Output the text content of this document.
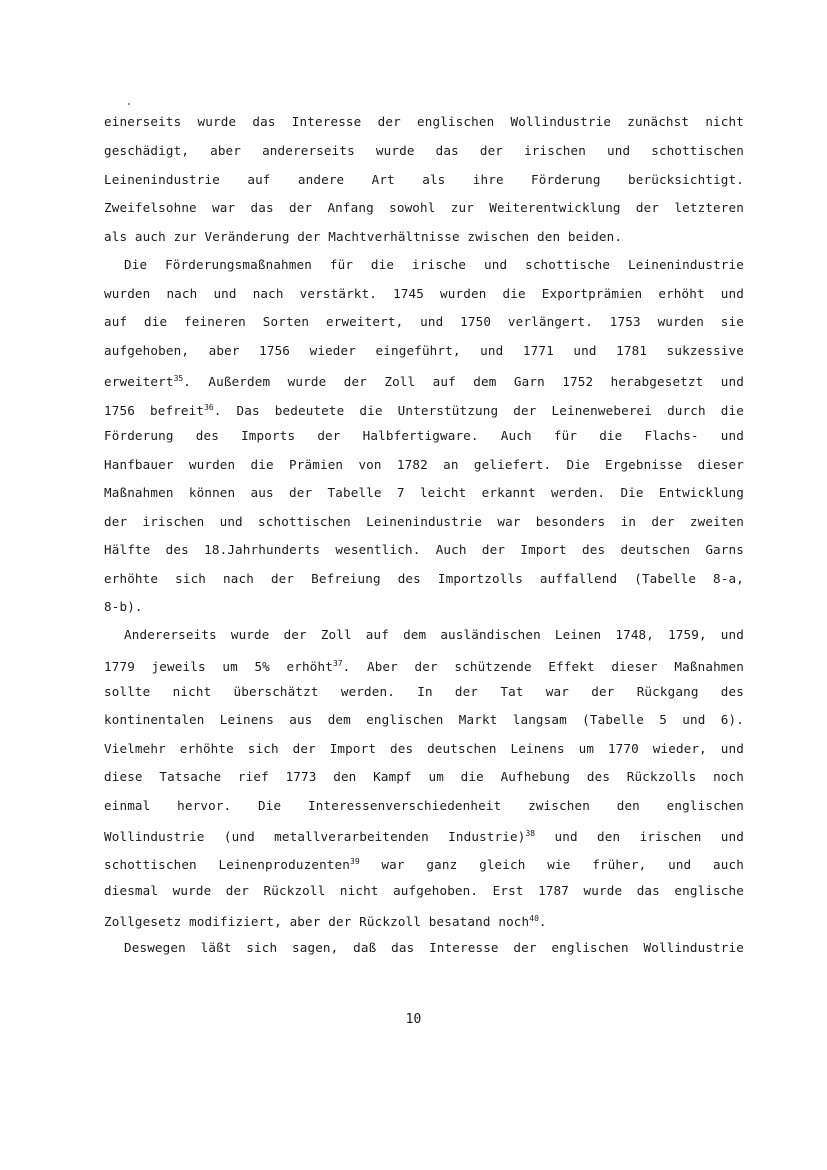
einerseits wurde das Interesse der englischen Wollindustrie zunächst nicht
geschädigt, aber andererseits wurde das der irischen und schottischen
Leinenindustrie auf andere Art als ihre Förderung berücksichtigt.
Zweifelsohne war das der Anfang sowohl zur Weiterentwicklung der letzteren
als auch zur Veränderung der Machtverhältnisse zwischen den beiden.
Die Förderungsmaßnahmen für die irische und schottische Leinenindustrie
wurden nach und nach verstärkt. 1745 wurden die Exportprämien erhöht und
auf die feineren Sorten erweitert, und 1750 verlängert. 1753 wurden sie
aufgehoben, aber 1756 wieder eingeführt, und 1771 und 1781 sukzessive
erweitert$^{35}$. Außerdem wurde der Zoll auf dem Garn 1752 herabgesetzt und
1756 befreit$^{36}$. Das bedeutete die Unterstützung der Leinenweberei durch die
Förderung des Imports der Halbfertigware. Auch für die Flachs- und
Hanfbauer wurden die Prämien von 1782 an geliefert. Die Ergebnisse dieser
Maßnahmen können aus der Tabelle 7 leicht erkannt werden. Die Entwicklung
der irischen und schottischen Leinenindustrie war besonders in der zweiten
Hälfte des 18.Jahrhunderts wesentlich. Auch der Import des deutschen Garns
erhöhte sich nach der Befreiung des Importzolls auffallend (Tabelle 8-a,
8-b).
Andererseits wurde der Zoll auf dem ausländischen Leinen 1748, 1759, und
1779 jeweils um 5% erhöht$^{37}$. Aber der schützende Effekt dieser Maßnahmen
sollte nicht überschätzt werden. In der Tat war der Rückgang des
kontinentalen Leinens aus dem englischen Markt langsam (Tabelle 5 und 6).
Vielmehr erhöhte sich der Import des deutschen Leinens um 1770 wieder, und
diese Tatsache rief 1773 den Kampf um die Aufhebung des Rückzolls noch
einmal hervor. Die Interessenverschiedenheit zwischen den englischen
Wollindustrie (und metallverarbeitenden Industrie)$^{38}$ und den irischen und
schottischen Leinenproduzenten$^{39}$ war ganz gleich wie früher, und auch
diesmal wurde der Rückzoll nicht aufgehoben. Erst 1787 wurde das englische
Zollgesetz modifiziert, aber der Rückzoll besatand noch$^{40}$.
Deswegen läßt sich sagen, daß das Interesse der englischen Wollindustrie
10
